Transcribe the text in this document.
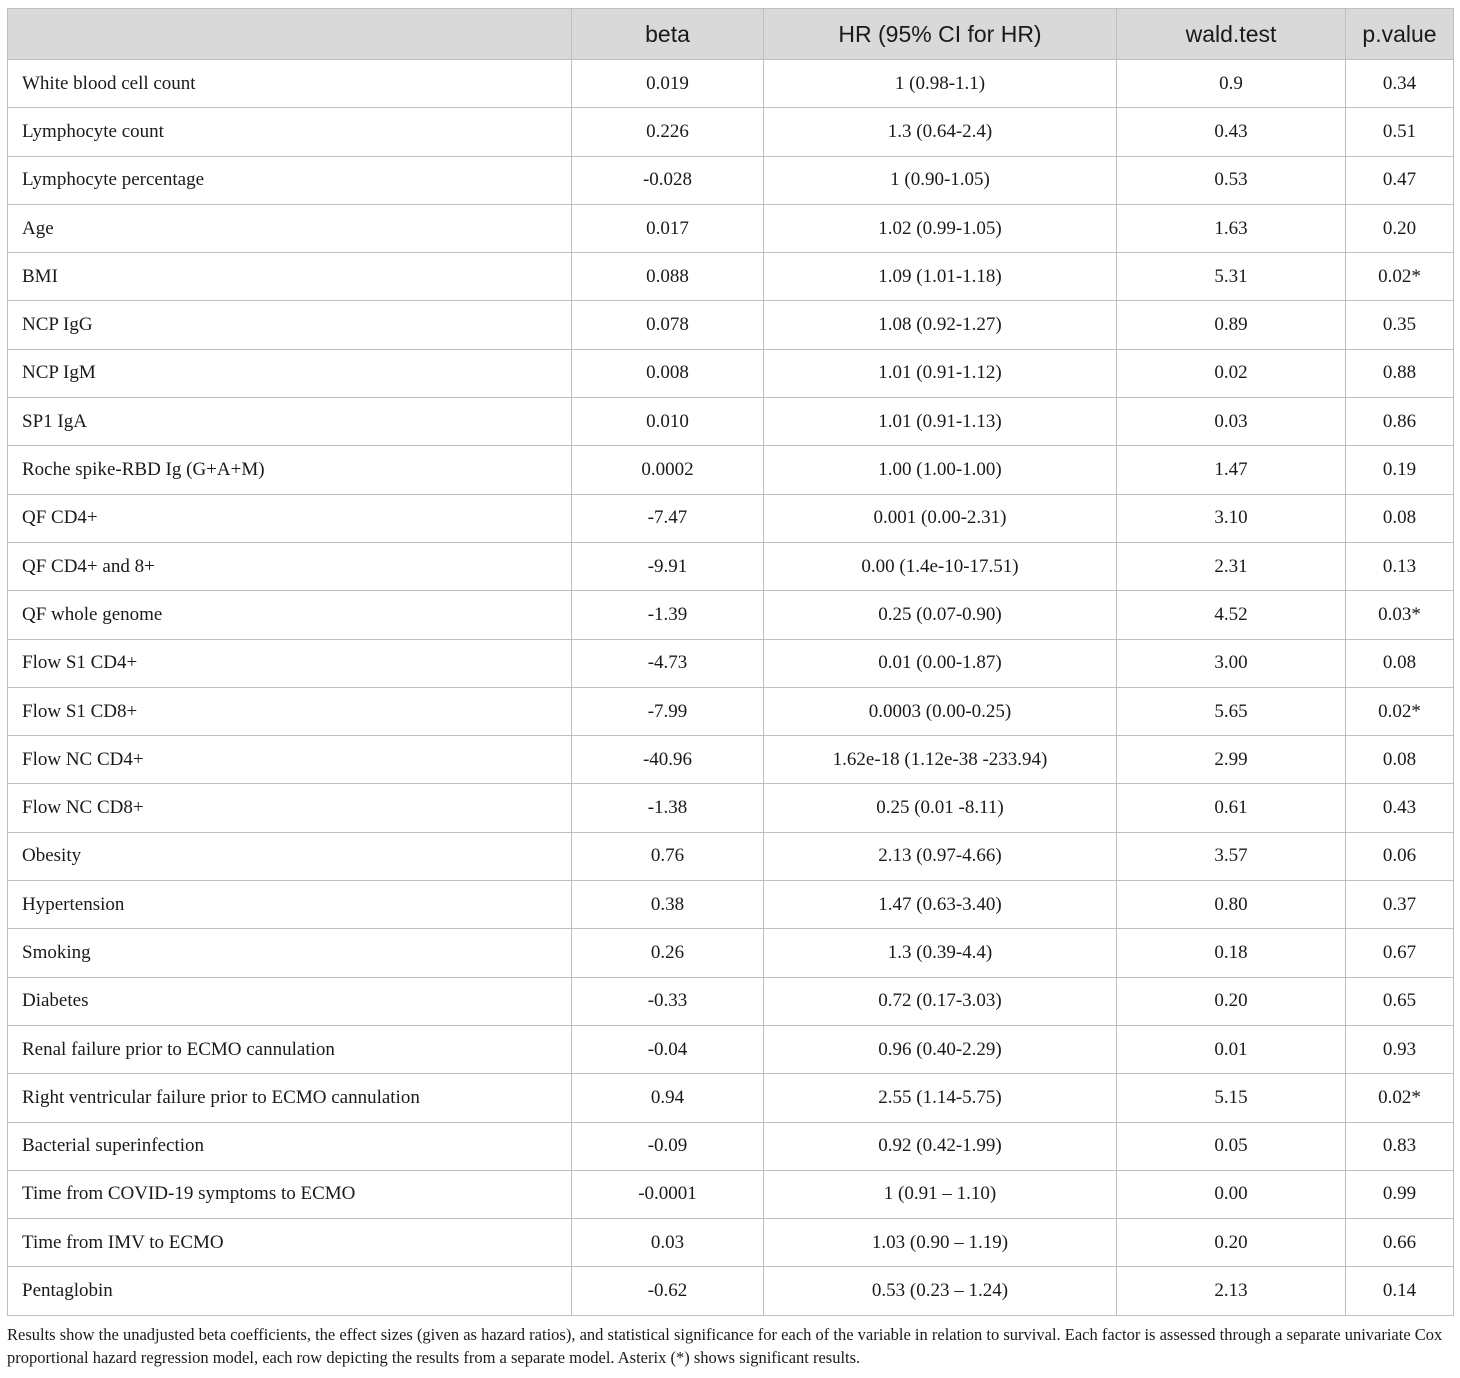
	beta	HR (95% CI for HR)	wald.test	p.value
White blood cell count	0.019	1 (0.98-1.1)	0.9	0.34
Lymphocyte count	0.226	1.3 (0.64-2.4)	0.43	0.51
Lymphocyte percentage	-0.028	1 (0.90-1.05)	0.53	0.47
Age	0.017	1.02 (0.99-1.05)	1.63	0.20
BMI	0.088	1.09 (1.01-1.18)	5.31	0.02*
NCP IgG	0.078	1.08 (0.92-1.27)	0.89	0.35
NCP IgM	0.008	1.01 (0.91-1.12)	0.02	0.88
SP1 IgA	0.010	1.01 (0.91-1.13)	0.03	0.86
Roche spike-RBD Ig (G+A+M)	0.0002	1.00 (1.00-1.00)	1.47	0.19
QF CD4+	-7.47	0.001 (0.00-2.31)	3.10	0.08
QF CD4+ and 8+	-9.91	0.00 (1.4e-10-17.51)	2.31	0.13
QF whole genome	-1.39	0.25 (0.07-0.90)	4.52	0.03*
Flow S1 CD4+	-4.73	0.01 (0.00-1.87)	3.00	0.08
Flow S1 CD8+	-7.99	0.0003 (0.00-0.25)	5.65	0.02*
Flow NC CD4+	-40.96	1.62e-18 (1.12e-38 -233.94)	2.99	0.08
Flow NC CD8+	-1.38	0.25 (0.01 -8.11)	0.61	0.43
Obesity	0.76	2.13 (0.97-4.66)	3.57	0.06
Hypertension	0.38	1.47 (0.63-3.40)	0.80	0.37
Smoking	0.26	1.3 (0.39-4.4)	0.18	0.67
Diabetes	-0.33	0.72 (0.17-3.03)	0.20	0.65
Renal failure prior to ECMO cannulation	-0.04	0.96 (0.40-2.29)	0.01	0.93
Right ventricular failure prior to ECMO cannulation	0.94	2.55 (1.14-5.75)	5.15	0.02*
Bacterial superinfection	-0.09	0.92 (0.42-1.99)	0.05	0.83
Time from COVID-19 symptoms to ECMO	-0.0001	1 (0.91 – 1.10)	0.00	0.99
Time from IMV to ECMO	0.03	1.03 (0.90 – 1.19)	0.20	0.66
Pentaglobin	-0.62	0.53 (0.23 – 1.24)	2.13	0.14
Results show the unadjusted beta coefficients, the effect sizes (given as hazard ratios), and statistical significance for each of the variable in relation to survival. Each factor is assessed through a separate univariate Cox proportional hazard regression model, each row depicting the results from a separate model. Asterix (*) shows significant results.
